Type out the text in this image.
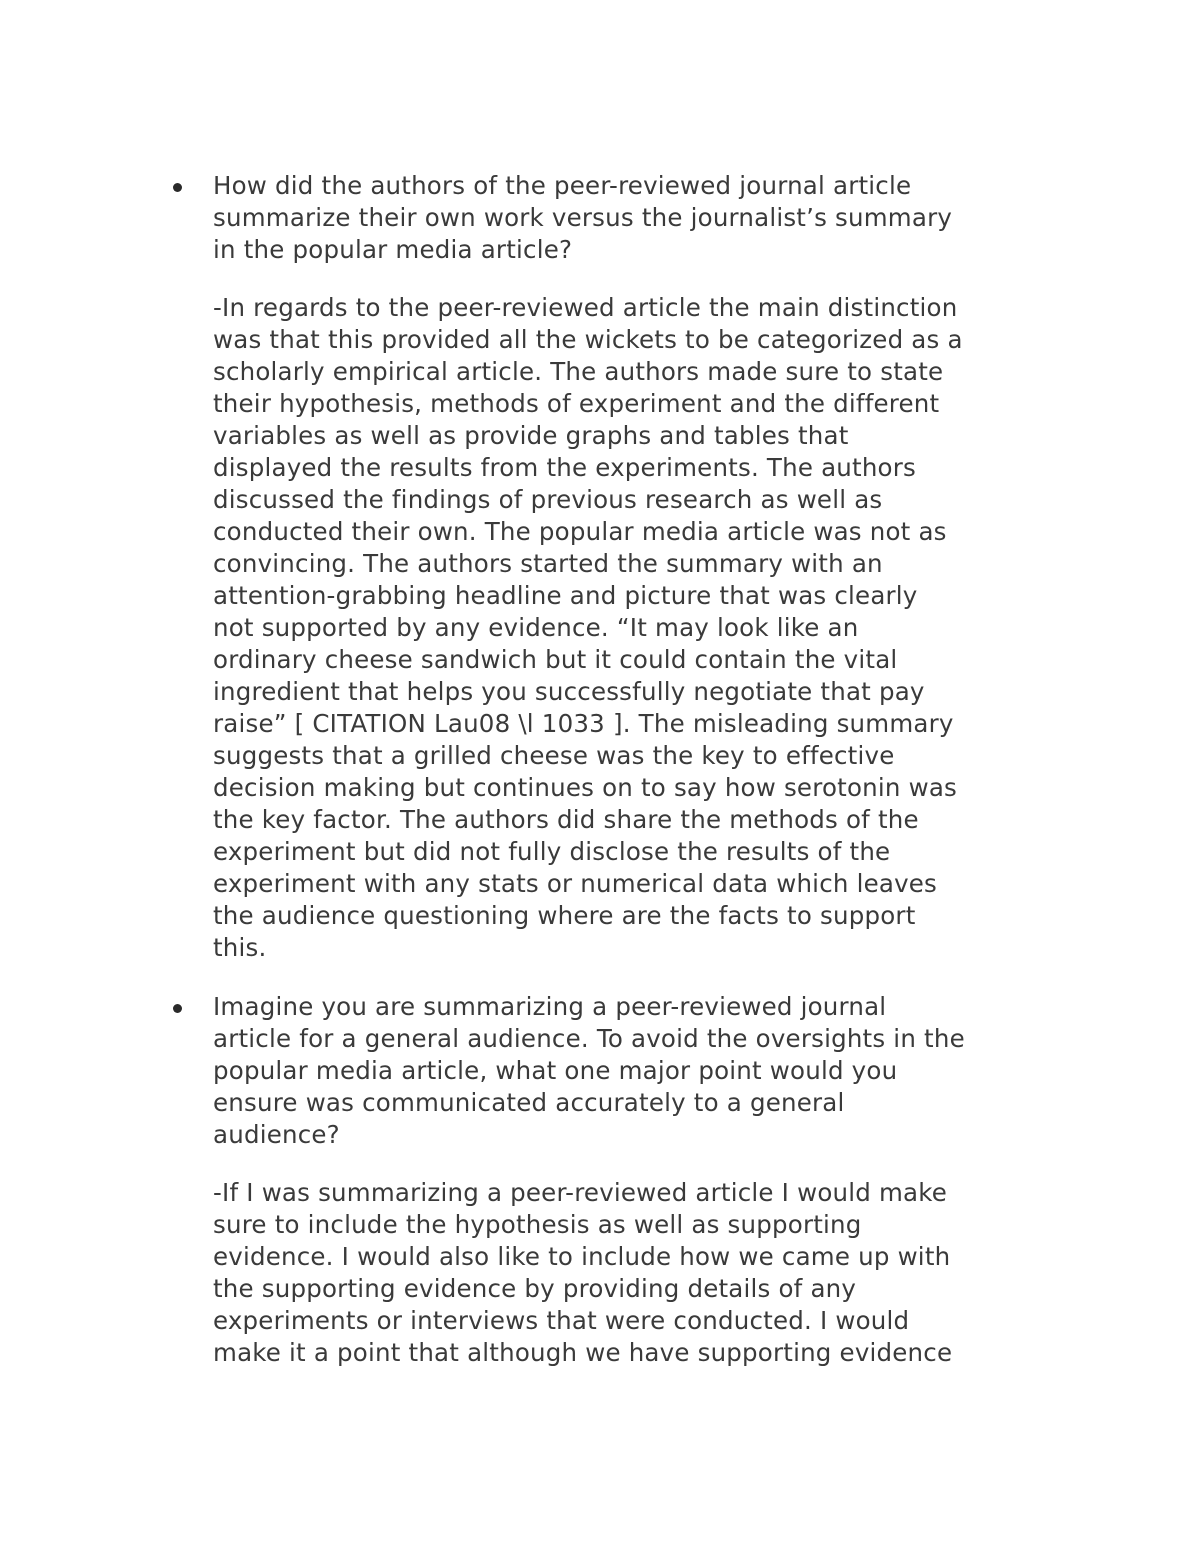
How did the authors of the peer-reviewed journal article
summarize their own work versus the journalist’s summary
in the popular media article?

-In regards to the peer-reviewed article the main distinction
was that this provided all the wickets to be categorized as a
scholarly empirical article. The authors made sure to state
their hypothesis, methods of experiment and the different
variables as well as provide graphs and tables that
displayed the results from the experiments. The authors
discussed the findings of previous research as well as
conducted their own. The popular media article was not as
convincing. The authors started the summary with an
attention-grabbing headline and picture that was clearly
not supported by any evidence. “It may look like an
ordinary cheese sandwich but it could contain the vital
ingredient that helps you successfully negotiate that pay
raise” [ CITATION Lau08 \l 1033 ]. The misleading summary
suggests that a grilled cheese was the key to effective
decision making but continues on to say how serotonin was
the key factor. The authors did share the methods of the
experiment but did not fully disclose the results of the
experiment with any stats or numerical data which leaves
the audience questioning where are the facts to support
this.

Imagine you are summarizing a peer-reviewed journal
article for a general audience. To avoid the oversights in the
popular media article, what one major point would you
ensure was communicated accurately to a general
audience?

-If I was summarizing a peer-reviewed article I would make
sure to include the hypothesis as well as supporting
evidence. I would also like to include how we came up with
the supporting evidence by providing details of any
experiments or interviews that were conducted. I would
make it a point that although we have supporting evidence
